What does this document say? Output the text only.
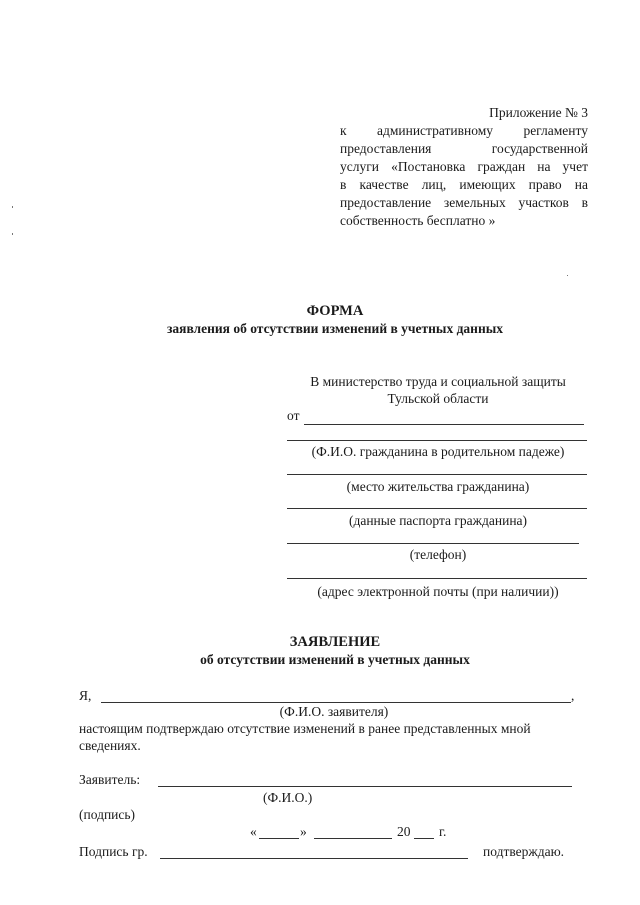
Приложение № 3
к административному регламенту
предоставления государственной
услуги «Постановка граждан на учет
в качестве лиц, имеющих право на
предоставление земельных участков в
собственность бесплатно »
ФОРМА
заявления об отсутствии изменений в учетных данных
В министерство труда и социальной защиты
Тульской области
от
(Ф.И.О. гражданина в родительном падеже)
(место жительства гражданина)
(данные паспорта гражданина)
(телефон)
(адрес электронной почты (при наличии))
ЗАЯВЛЕНИЕ
об отсутствии изменений в учетных данных
Я,	,
(Ф.И.О. заявителя)
настоящим подтверждаю отсутствие изменений в ранее представленных мной
сведениях.
Заявитель:
(Ф.И.О.)
(подпись)
«	»	20 г.
Подпись гр.	подтверждаю.
